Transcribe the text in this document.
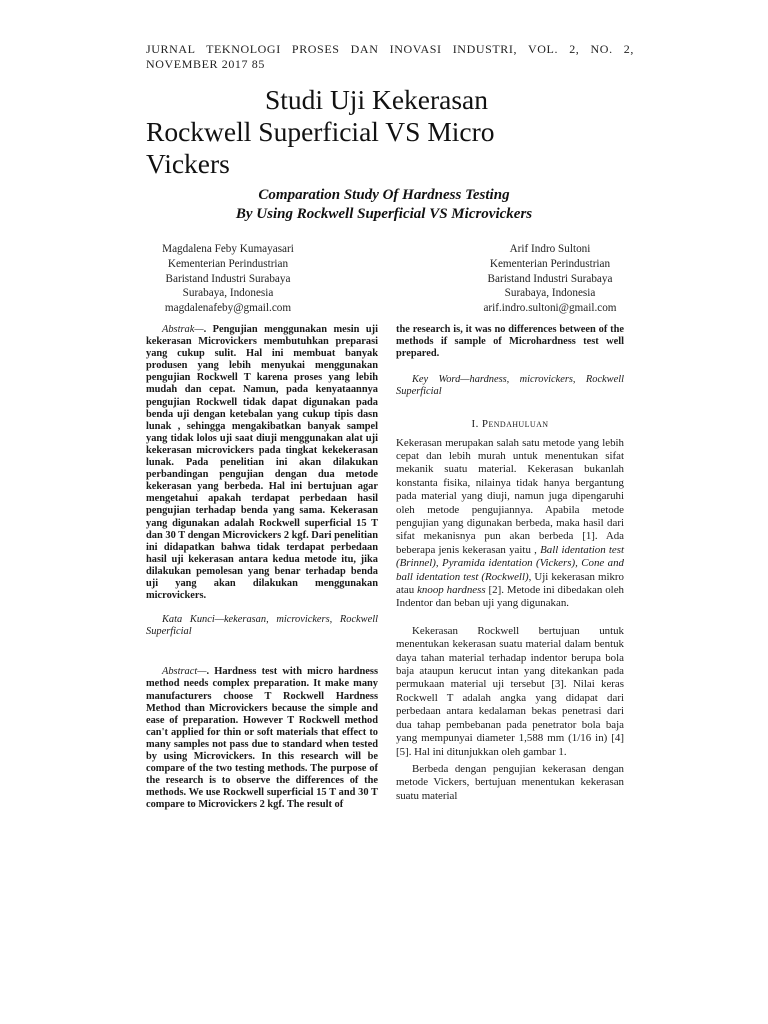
JURNAL TEKNOLOGI PROSES DAN INOVASI INDUSTRI, VOL. 2, NO. 2, NOVEMBER 2017 85
Studi Uji Kekerasan
Rockwell Superficial VS Micro
Vickers
Comparation Study Of Hardness Testing
By Using Rockwell Superficial VS Microvickers
Magdalena Feby Kumayasari
Kementerian Perindustrian
Baristand Industri Surabaya
Surabaya, Indonesia
magdalenafeby@gmail.com
Arif Indro Sultoni
Kementerian Perindustrian
Baristand Industri Surabaya
Surabaya, Indonesia
arif.indro.sultoni@gmail.com

Abstrak—. Pengujian menggunakan mesin uji kekerasan Microvickers membutuhkan preparasi yang cukup sulit. Hal ini membuat banyak produsen yang lebih menyukai menggunakan pengujian Rockwell T karena proses yang lebih mudah dan cepat. Namun, pada kenyataannya pengujian Rockwell tidak dapat digunakan pada benda uji dengan ketebalan yang cukup tipis dasn lunak , sehingga mengakibatkan banyak sampel yang tidak lolos uji saat diuji menggunakan alat uji kekerasan microvickers pada tingkat kekekerasan lunak. Pada penelitian ini akan dilakukan perbandingan pengujian dengan dua metode kekerasan yang berbeda. Hal ini bertujuan agar mengetahui apakah terdapat perbedaan hasil pengujian terhadap benda yang sama. Kekerasan yang digunakan adalah Rockwell superficial 15 T dan 30 T dengan Microvickers 2 kgf. Dari penelitian ini didapatkan bahwa tidak terdapat perbedaan hasil uji kekerasan antara kedua metode itu, jika dilakukan pemolesan yang benar terhadap benda uji yang akan dilakukan menggunakan microvickers.

Kata Kunci—kekerasan, microvickers, Rockwell Superficial

Abstract—. Hardness test with micro hardness method needs complex preparation. It make many manufacturers choose T Rockwell Hardness Method than Microvickers because the simple and ease of preparation. However T Rockwell method can't applied for thin or soft materials that effect to many samples not pass due to standard when tested by using Microvickers. In this research will be compare of the two testing methods. The purpose of the research is to observe the differences of the methods. We use Rockwell superficial 15 T and 30 T compare to Microvickers 2 kgf. The result of

the research is, it was no differences between of the methods if sample of Microhardness test well prepared.

Key Word—hardness, microvickers, Rockwell Superficial

I. Pendahuluan

Kekerasan merupakan salah satu metode yang lebih cepat dan lebih murah untuk menentukan sifat mekanik suatu material. Kekerasan bukanlah konstanta fisika, nilainya tidak hanya bergantung pada material yang diuji, namun juga dipengaruhi oleh metode pengujiannya. Apabila metode pengujian yang digunakan berbeda, maka hasil dari sifat mekanisnya pun akan berbeda [1]. Ada beberapa jenis kekerasan yaitu , Ball identation test (Brinnel), Pyramida identation (Vickers), Cone and ball identation test (Rockwell), Uji kekerasan mikro atau knoop hardness [2]. Metode ini dibedakan oleh Indentor dan beban uji yang digunakan.

Kekerasan Rockwell bertujuan untuk menentukan kekerasan suatu material dalam bentuk daya tahan material terhadap indentor berupa bola baja ataupun kerucut intan yang ditekankan pada permukaan material uji tersebut [3]. Nilai keras Rockwell T adalah angka yang didapat dari perbedaan antara kedalaman bekas penetrasi dari dua tahap pembebanan pada penetrator bola baja yang mempunyai diameter 1,588 mm (1/16 in) [4][5]. Hal ini ditunjukkan oleh gambar 1.

Berbeda dengan pengujian kekerasan dengan metode Vickers, bertujuan menentukan kekerasan suatu material
